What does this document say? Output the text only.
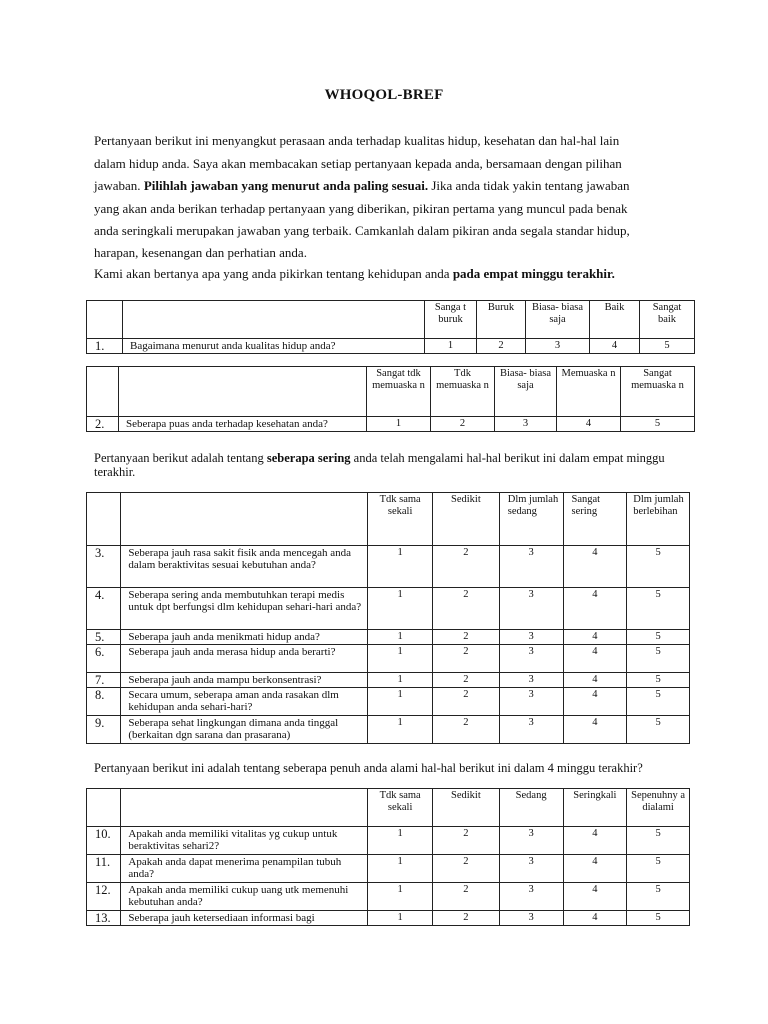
WHOQOL-BREF

Pertanyaan berikut ini menyangkut perasaan anda terhadap kualitas hidup, kesehatan dan hal-hal lain

dalam hidup anda. Saya akan membacakan setiap pertanyaan kepada anda, bersamaan dengan pilihan

jawaban. Pilihlah jawaban yang menurut anda paling sesuai. Jika anda tidak yakin tentang jawaban

yang akan anda berikan terhadap pertanyaan yang diberikan, pikiran pertama yang muncul pada benak

anda seringkali merupakan jawaban yang terbaik. Camkanlah dalam pikiran anda segala standar hidup,

harapan, kesenangan dan perhatian anda.

Kami akan bertanya apa yang anda pikirkan tentang kehidupan anda pada empat minggu terakhir.
		Sanga t buruk	Buruk	Biasa- biasa saja	Baik	Sangat baik
1.	Bagaimana menurut anda kualitas hidup anda?	1	2	3	4	5
		Sangat tdk memuaska n	Tdk memuaska n	Biasa- biasa saja	Memuaska n	Sangat memuaska n
2.	Seberapa puas anda terhadap kesehatan anda?	1	2	3	4	5
Pertanyaan berikut adalah tentang seberapa sering anda telah mengalami hal-hal berikut ini dalam empat minggu terakhir.
		Tdk sama sekali	Sedikit	Dlm jumlah sedang	Sangat sering	Dlm jumlah berlebihan
3.	Seberapa jauh rasa sakit fisik anda mencegah anda dalam beraktivitas sesuai kebutuhan anda?	1	2	3	4	5
4.	Seberapa sering anda membutuhkan terapi medis untuk dpt berfungsi dlm kehidupan sehari-hari anda?	1	2	3	4	5
5.	Seberapa jauh anda menikmati hidup anda?	1	2	3	4	5
6.	Seberapa jauh anda merasa hidup anda berarti?	1	2	3	4	5
7.	Seberapa jauh anda mampu berkonsentrasi?	1	2	3	4	5
8.	Secara umum, seberapa aman anda rasakan dlm kehidupan anda sehari-hari?	1	2	3	4	5
9.	Seberapa sehat lingkungan dimana anda tinggal (berkaitan dgn sarana dan prasarana)	1	2	3	4	5
Pertanyaan berikut ini adalah tentang seberapa penuh anda alami hal-hal berikut ini dalam 4 minggu terakhir?
		Tdk sama sekali	Sedikit	Sedang	Seringkali	Sepenuhny a dialami
10.	Apakah anda memiliki vitalitas yg cukup untuk beraktivitas sehari2?	1	2	3	4	5
11.	Apakah anda dapat menerima penampilan tubuh anda?	1	2	3	4	5
12.	Apakah anda memiliki cukup uang utk memenuhi kebutuhan anda?	1	2	3	4	5
13.	Seberapa jauh ketersediaan informasi bagi	1	2	3	4	5
